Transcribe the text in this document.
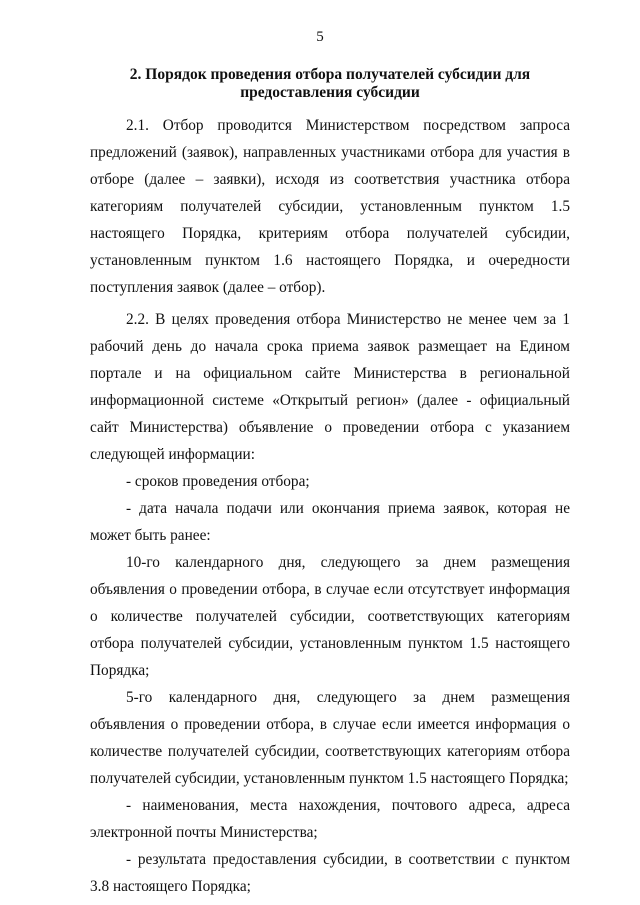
5
2. Порядок проведения отбора получателей субсидии для
предоставления субсидии

2.1. Отбор проводится Министерством посредством запроса предложений (заявок), направленных участниками отбора для участия в отборе (далее – заявки), исходя из соответствия участника отбора категориям получателей субсидии, установленным пунктом 1.5 настоящего Порядка, критериям отбора получателей субсидии, установленным пунктом 1.6 настоящего Порядка, и очередности поступления заявок (далее – отбор).

2.2. В целях проведения отбора Министерство не менее чем за 1 рабочий день до начала срока приема заявок размещает на Едином портале и на официальном сайте Министерства в региональной информационной системе «Открытый регион» (далее - официальный сайт Министерства) объявление о проведении отбора с указанием следующей информации:

- сроков проведения отбора;

- дата начала подачи или окончания приема заявок, которая не может быть ранее:

10-го календарного дня, следующего за днем размещения объявления о проведении отбора, в случае если отсутствует информация о количестве получателей субсидии, соответствующих категориям отбора получателей субсидии, установленным пунктом 1.5 настоящего Порядка;

5-го календарного дня, следующего за днем размещения объявления о проведении отбора, в случае если имеется информация о количестве получателей субсидии, соответствующих категориям отбора получателей субсидии, установленным пунктом 1.5 настоящего Порядка;

- наименования, места нахождения, почтового адреса, адреса электронной почты Министерства;

- результата предоставления субсидии, в соответствии с пунктом 3.8 настоящего Порядка;
